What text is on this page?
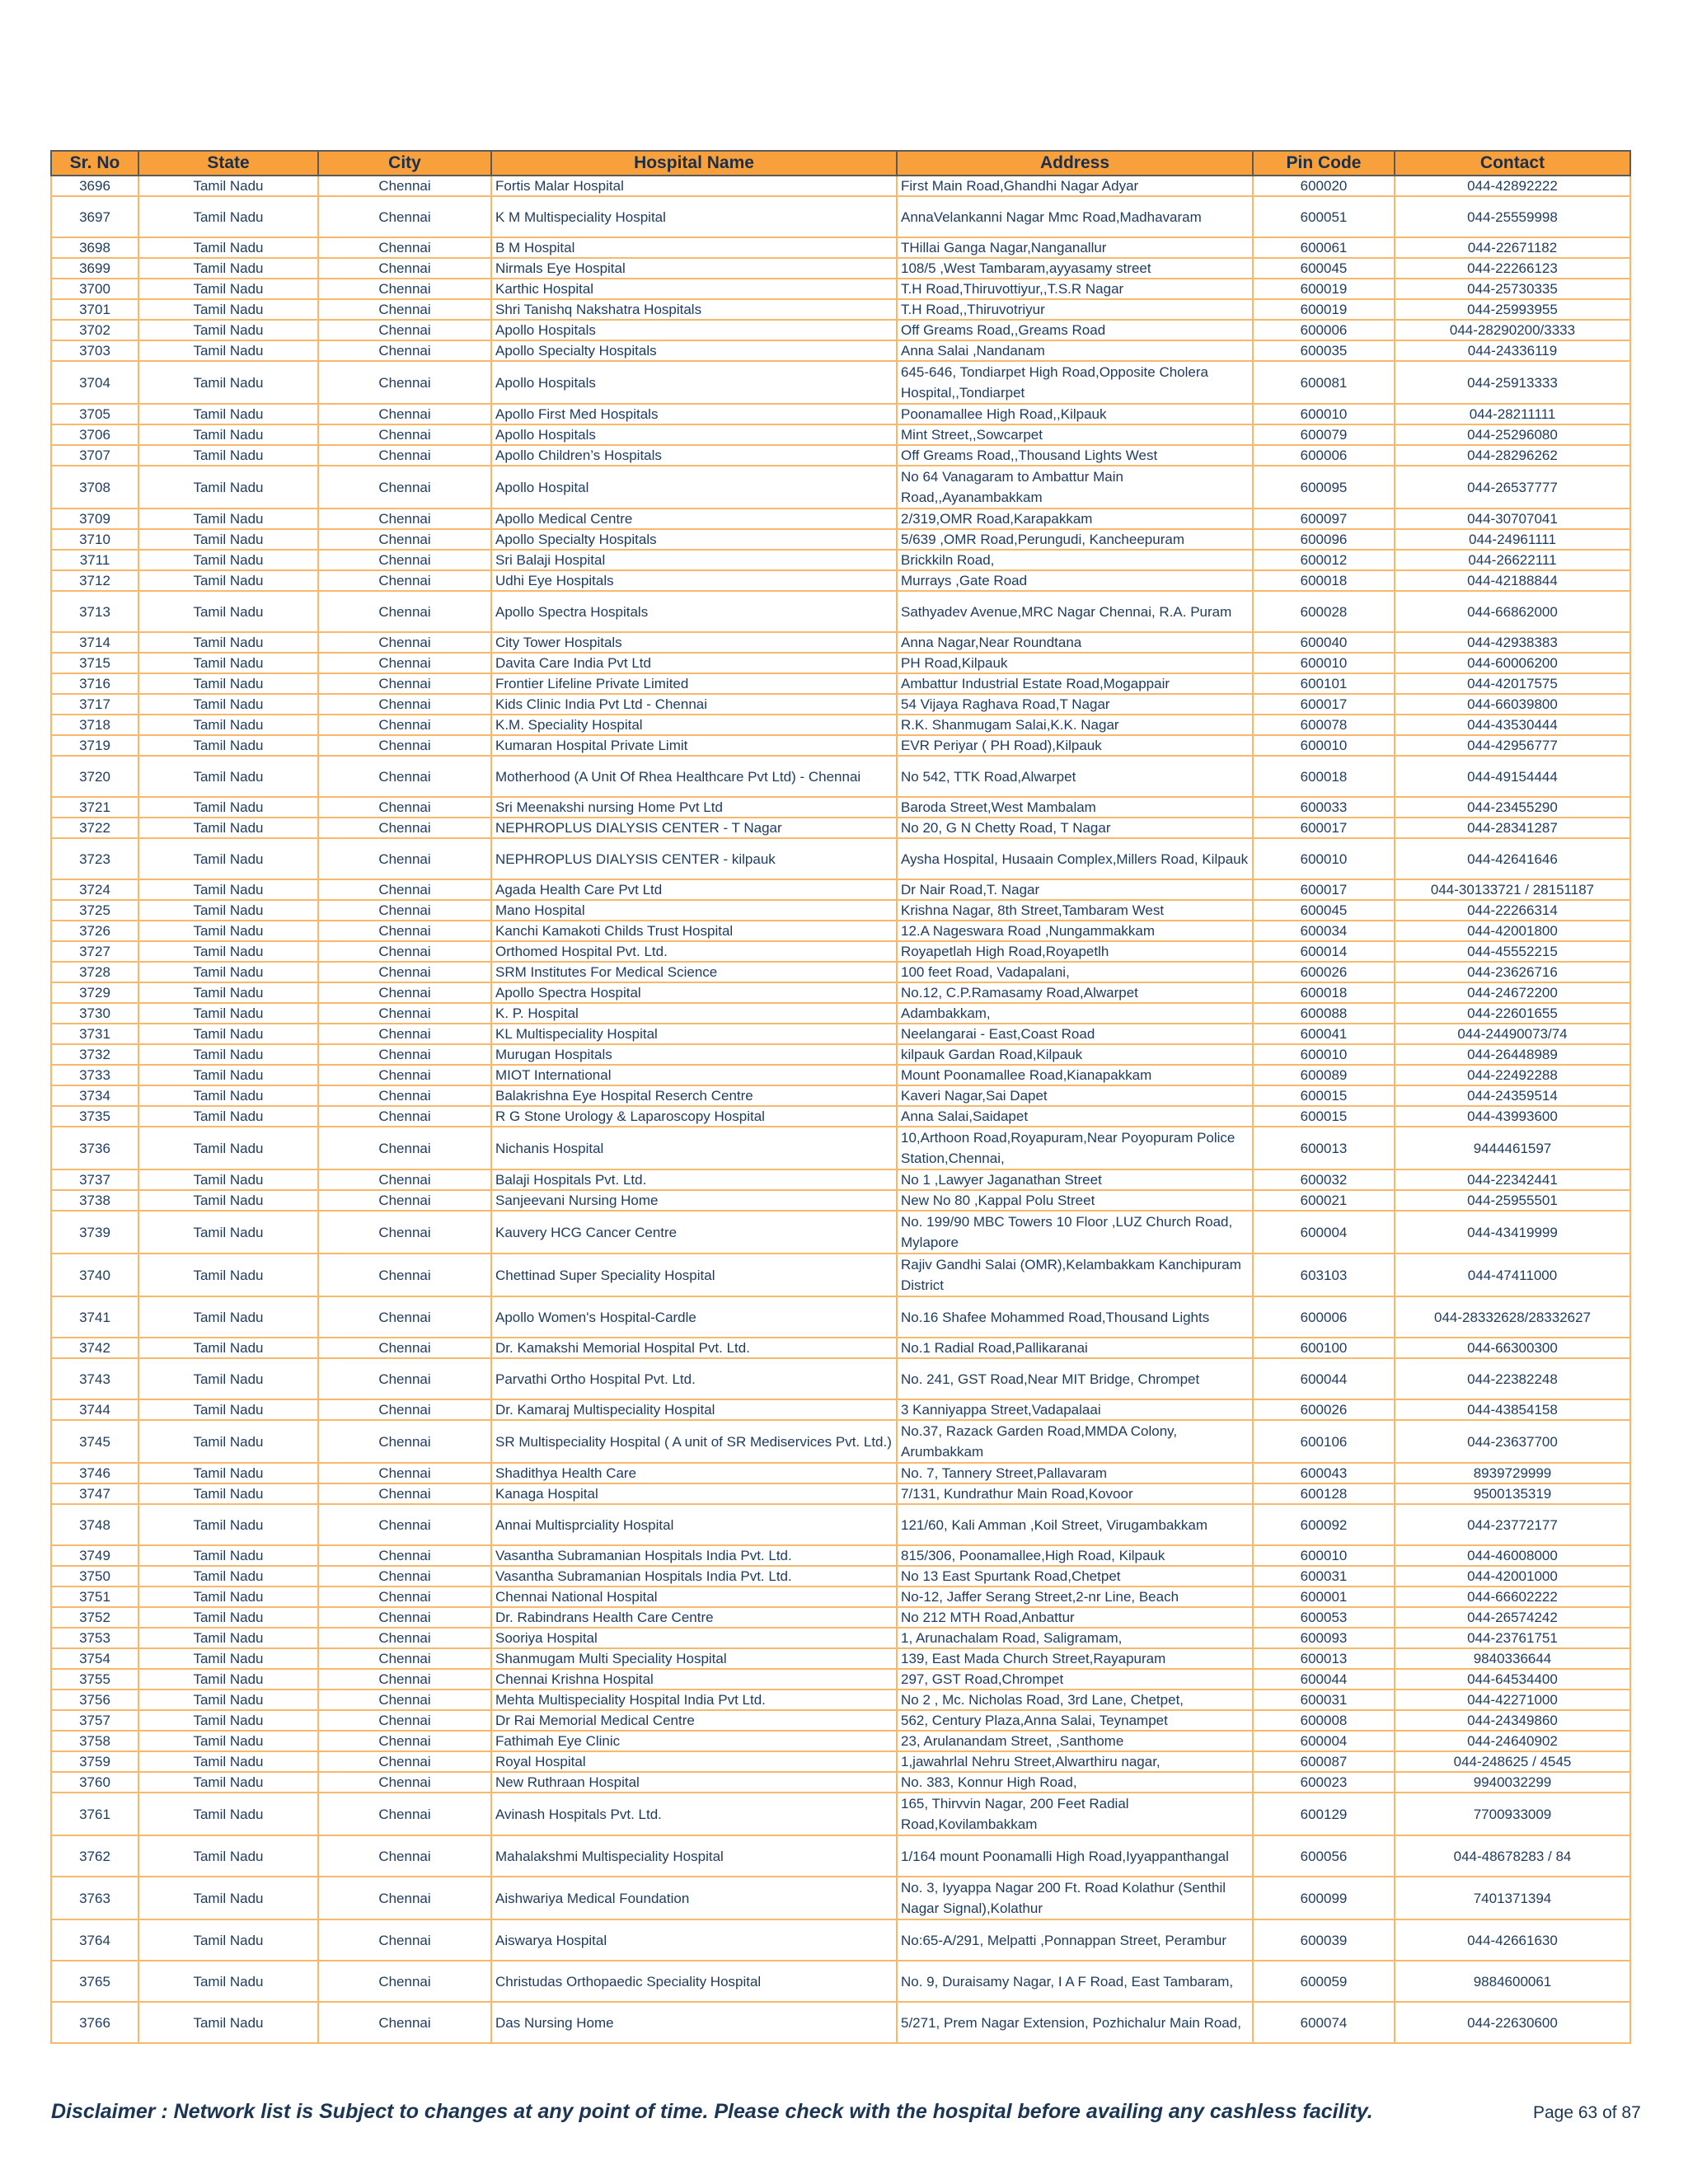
Sr. No	State	City	Hospital Name	Address	Pin Code	Contact
3696	Tamil Nadu	Chennai	Fortis Malar Hospital	First Main Road,Ghandhi Nagar Adyar	600020	044-42892222
3697	Tamil Nadu	Chennai	K M Multispeciality Hospital	AnnaVelankanni Nagar Mmc Road,Madhavaram	600051	044-25559998
3698	Tamil Nadu	Chennai	B M Hospital	THillai Ganga Nagar,Nanganallur	600061	044-22671182
3699	Tamil Nadu	Chennai	Nirmals Eye Hospital	108/5 ,West Tambaram,ayyasamy street	600045	044-22266123
3700	Tamil Nadu	Chennai	Karthic Hospital	T.H Road,Thiruvottiyur,,T.S.R Nagar	600019	044-25730335
3701	Tamil Nadu	Chennai	Shri Tanishq Nakshatra Hospitals	T.H Road,,Thiruvotriyur	600019	044-25993955
3702	Tamil Nadu	Chennai	Apollo Hospitals	Off Greams Road,,Greams Road	600006	044-28290200/3333
3703	Tamil Nadu	Chennai	Apollo Specialty Hospitals	Anna Salai ,Nandanam	600035	044-24336119
3704	Tamil Nadu	Chennai	Apollo Hospitals	645-646, Tondiarpet High Road,Opposite Cholera Hospital,,Tondiarpet	600081	044-25913333
3705	Tamil Nadu	Chennai	Apollo First Med Hospitals	Poonamallee High Road,,Kilpauk	600010	044-28211111
3706	Tamil Nadu	Chennai	Apollo Hospitals	Mint Street,,Sowcarpet	600079	044-25296080
3707	Tamil Nadu	Chennai	Apollo Children’s Hospitals	Off Greams Road,,Thousand Lights West	600006	044-28296262
3708	Tamil Nadu	Chennai	Apollo Hospital	No 64 Vanagaram to Ambattur Main Road,,Ayanambakkam	600095	044-26537777
3709	Tamil Nadu	Chennai	Apollo Medical Centre	2/319,OMR Road,Karapakkam	600097	044-30707041
3710	Tamil Nadu	Chennai	Apollo Specialty Hospitals	5/639 ,OMR Road,Perungudi, Kancheepuram	600096	044-24961111
3711	Tamil Nadu	Chennai	Sri Balaji Hospital	Brickkiln Road,	600012	044-26622111
3712	Tamil Nadu	Chennai	Udhi Eye Hospitals	Murrays ,Gate Road	600018	044-42188844
3713	Tamil Nadu	Chennai	Apollo Spectra Hospitals	Sathyadev Avenue,MRC Nagar Chennai, R.A. Puram	600028	044-66862000
3714	Tamil Nadu	Chennai	City Tower Hospitals	Anna Nagar,Near Roundtana	600040	044-42938383
3715	Tamil Nadu	Chennai	Davita Care India Pvt Ltd	PH Road,Kilpauk	600010	044-60006200
3716	Tamil Nadu	Chennai	Frontier Lifeline Private Limited	Ambattur Industrial Estate Road,Mogappair	600101	044-42017575
3717	Tamil Nadu	Chennai	Kids Clinic India Pvt Ltd - Chennai	54 Vijaya Raghava Road,T Nagar	600017	044-66039800
3718	Tamil Nadu	Chennai	K.M. Speciality Hospital	R.K. Shanmugam Salai,K.K. Nagar	600078	044-43530444
3719	Tamil Nadu	Chennai	Kumaran Hospital Private Limit	EVR Periyar ( PH Road),Kilpauk	600010	044-42956777
3720	Tamil Nadu	Chennai	Motherhood (A Unit Of Rhea Healthcare Pvt Ltd) - Chennai	No 542, TTK Road,Alwarpet	600018	044-49154444
3721	Tamil Nadu	Chennai	Sri Meenakshi nursing Home Pvt Ltd	Baroda Street,West Mambalam	600033	044-23455290
3722	Tamil Nadu	Chennai	NEPHROPLUS DIALYSIS CENTER - T Nagar	No 20, G N Chetty Road, T Nagar	600017	044-28341287
3723	Tamil Nadu	Chennai	NEPHROPLUS DIALYSIS CENTER - kilpauk	Aysha Hospital, Husaain Complex,Millers Road, Kilpauk	600010	044-42641646
3724	Tamil Nadu	Chennai	Agada Health Care Pvt Ltd	Dr Nair Road,T. Nagar	600017	044-30133721 / 28151187
3725	Tamil Nadu	Chennai	Mano Hospital	Krishna Nagar, 8th Street,Tambaram West	600045	044-22266314
3726	Tamil Nadu	Chennai	Kanchi Kamakoti Childs Trust Hospital	12.A Nageswara Road ,Nungammakkam	600034	044-42001800
3727	Tamil Nadu	Chennai	Orthomed Hospital Pvt. Ltd.	Royapetlah High Road,Royapetlh	600014	044-45552215
3728	Tamil Nadu	Chennai	SRM Institutes For Medical Science	100 feet Road, Vadapalani,	600026	044-23626716
3729	Tamil Nadu	Chennai	Apollo Spectra Hospital	No.12, C.P.Ramasamy Road,Alwarpet	600018	044-24672200
3730	Tamil Nadu	Chennai	K. P. Hospital	Adambakkam,	600088	044-22601655
3731	Tamil Nadu	Chennai	KL Multispeciality Hospital	Neelangarai - East,Coast Road	600041	044-24490073/74
3732	Tamil Nadu	Chennai	Murugan Hospitals	kilpauk Gardan Road,Kilpauk	600010	044-26448989
3733	Tamil Nadu	Chennai	MIOT International	Mount Poonamallee Road,Kianapakkam	600089	044-22492288
3734	Tamil Nadu	Chennai	Balakrishna Eye Hospital Reserch Centre	Kaveri Nagar,Sai Dapet	600015	044-24359514
3735	Tamil Nadu	Chennai	R G Stone Urology & Laparoscopy Hospital	Anna Salai,Saidapet	600015	044-43993600
3736	Tamil Nadu	Chennai	Nichanis Hospital	10,Arthoon Road,Royapuram,Near Poyopuram Police Station,Chennai,	600013	9444461597
3737	Tamil Nadu	Chennai	Balaji Hospitals Pvt. Ltd.	No 1 ,Lawyer Jaganathan Street	600032	044-22342441
3738	Tamil Nadu	Chennai	Sanjeevani Nursing Home	New No 80 ,Kappal Polu Street	600021	044-25955501
3739	Tamil Nadu	Chennai	Kauvery HCG Cancer Centre	No. 199/90 MBC Towers 10 Floor ,LUZ Church Road, Mylapore	600004	044-43419999
3740	Tamil Nadu	Chennai	Chettinad Super Speciality Hospital	Rajiv Gandhi Salai (OMR),Kelambakkam Kanchipuram District	603103	044-47411000
3741	Tamil Nadu	Chennai	Apollo Women's Hospital-Cardle	No.16 Shafee Mohammed Road,Thousand Lights	600006	044-28332628/28332627
3742	Tamil Nadu	Chennai	Dr. Kamakshi Memorial Hospital Pvt. Ltd.	No.1 Radial Road,Pallikaranai	600100	044-66300300
3743	Tamil Nadu	Chennai	Parvathi Ortho Hospital Pvt. Ltd.	No. 241, GST Road,Near MIT Bridge, Chrompet	600044	044-22382248
3744	Tamil Nadu	Chennai	Dr. Kamaraj Multispeciality Hospital	3 Kanniyappa Street,Vadapalaai	600026	044-43854158
3745	Tamil Nadu	Chennai	SR Multispeciality Hospital ( A unit of SR Mediservices Pvt. Ltd.)	No.37, Razack Garden Road,MMDA Colony, Arumbakkam	600106	044-23637700
3746	Tamil Nadu	Chennai	Shadithya Health Care	No. 7, Tannery Street,Pallavaram	600043	8939729999
3747	Tamil Nadu	Chennai	Kanaga Hospital	7/131, Kundrathur Main Road,Kovoor	600128	9500135319
3748	Tamil Nadu	Chennai	Annai Multisprciality Hospital	121/60, Kali Amman ,Koil Street, Virugambakkam	600092	044-23772177
3749	Tamil Nadu	Chennai	Vasantha Subramanian Hospitals India Pvt. Ltd.	815/306, Poonamallee,High Road, Kilpauk	600010	044-46008000
3750	Tamil Nadu	Chennai	Vasantha Subramanian Hospitals India Pvt. Ltd.	No 13 East Spurtank Road,Chetpet	600031	044-42001000
3751	Tamil Nadu	Chennai	Chennai National Hospital	No-12, Jaffer Serang Street,2-nr Line, Beach	600001	044-66602222
3752	Tamil Nadu	Chennai	Dr. Rabindrans Health Care Centre	No 212 MTH Road,Anbattur	600053	044-26574242
3753	Tamil Nadu	Chennai	Sooriya Hospital	1, Arunachalam Road, Saligramam,	600093	044-23761751
3754	Tamil Nadu	Chennai	Shanmugam Multi Speciality Hospital	139, East Mada Church Street,Rayapuram	600013	9840336644
3755	Tamil Nadu	Chennai	Chennai Krishna Hospital	297, GST Road,Chrompet	600044	044-64534400
3756	Tamil Nadu	Chennai	Mehta Multispeciality Hospital India Pvt Ltd.	No 2 , Mc. Nicholas Road, 3rd Lane, Chetpet,	600031	044-42271000
3757	Tamil Nadu	Chennai	Dr Rai Memorial Medical Centre	562, Century Plaza,Anna Salai, Teynampet	600008	044-24349860
3758	Tamil Nadu	Chennai	Fathimah Eye Clinic	23, Arulanandam Street, ,Santhome	600004	044-24640902
3759	Tamil Nadu	Chennai	Royal Hospital	1,jawahrlal Nehru Street,Alwarthiru nagar,	600087	044-248625 / 4545
3760	Tamil Nadu	Chennai	New Ruthraan Hospital	No. 383, Konnur High Road,	600023	9940032299
3761	Tamil Nadu	Chennai	Avinash Hospitals Pvt. Ltd.	165, Thirvvin Nagar, 200 Feet Radial Road,Kovilambakkam	600129	7700933009
3762	Tamil Nadu	Chennai	Mahalakshmi Multispeciality Hospital	1/164 mount Poonamalli High Road,Iyyappanthangal	600056	044-48678283 / 84
3763	Tamil Nadu	Chennai	Aishwariya Medical Foundation	No. 3, Iyyappa Nagar 200 Ft. Road Kolathur (Senthil Nagar Signal),Kolathur	600099	7401371394
3764	Tamil Nadu	Chennai	Aiswarya Hospital	No:65-A/291, Melpatti ,Ponnappan Street, Perambur	600039	044-42661630
3765	Tamil Nadu	Chennai	Christudas Orthopaedic Speciality Hospital	No. 9, Duraisamy Nagar, I A F Road, East Tambaram,	600059	9884600061
3766	Tamil Nadu	Chennai	Das Nursing Home	5/271, Prem Nagar Extension, Pozhichalur Main Road,	600074	044-22630600
Disclaimer : Network list is Subject to changes at any point of time. Please check with the hospital before availing any cashless facility.	Page 63 of 87
